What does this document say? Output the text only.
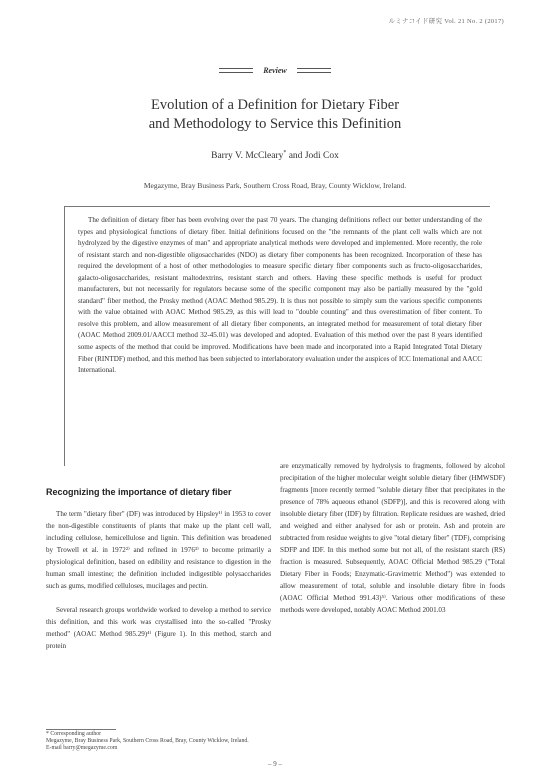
ルミナコイド研究 Vol. 21 No. 2 (2017)
Review
Evolution of a Definition for Dietary Fiber
and Methodology to Service this Definition
Barry V. McCleary* and Jodi Cox
Megazyme, Bray Business Park, Southern Cross Road, Bray, County Wicklow, Ireland.
The definition of dietary fiber has been evolving over the past 70 years. The changing definitions reflect our better understanding of the types and physiological functions of dietary fiber. Initial definitions focused on the "the remnants of the plant cell walls which are not hydrolyzed by the digestive enzymes of man" and appropriate analytical methods were developed and implemented. More recently, the role of resistant starch and non-digestible oligosaccharides (NDO) as dietary fiber components has been recognized. Incorporation of these has required the development of a host of other methodologies to measure specific dietary fiber components such as fructo-oligosaccharides, galacto-oligosaccharides, resistant maltodextrins, resistant starch and others. Having these specific methods is useful for product manufacturers, but not necessarily for regulators because some of the specific component may also be partially measured by the "gold standard" fiber method, the Prosky method (AOAC Method 985.29). It is thus not possible to simply sum the various specific components with the value obtained with AOAC Method 985.29, as this will lead to "double counting" and thus overestimation of fiber content. To resolve this problem, and allow measurement of all dietary fiber components, an integrated method for measurement of total dietary fiber (AOAC Method 2009.01/AACCI method 32-45.01) was developed and adopted. Evaluation of this method over the past 8 years identified some aspects of the method that could be improved. Modifications have been made and incorporated into a Rapid Integrated Total Dietary Fiber (RINTDF) method, and this method has been subjected to interlaboratory evaluation under the auspices of ICC International and AACC International.
Recognizing the importance of dietary fiber

The term "dietary fiber" (DF) was introduced by Hipsley¹⁾ in 1953 to cover the non-digestible constituents of plants that make up the plant cell wall, including cellulose, hemicellulose and lignin. This definition was broadened by Trowell et al. in 1972²⁾ and refined in 1976³⁾ to become primarily a physiological definition, based on edibility and resistance to digestion in the human small intestine; the definition included indigestible polysaccharides such as gums, modified celluloses, mucilages and pectin.

Several research groups worldwide worked to develop a method to service this definition, and this work was crystallised into the so-called "Prosky method" (AOAC Method 985.29)⁴⁾ (Figure 1). In this method, starch and protein

are enzymatically removed by hydrolysis to fragments, followed by alcohol precipitation of the higher molecular weight soluble dietary fiber (HMWSDF) fragments [more recently termed "soluble dietary fiber that precipitates in the presence of 78% aqueous ethanol (SDFP)], and this is recovered along with insoluble dietary fiber (IDF) by filtration. Replicate residues are washed, dried and weighed and either analysed for ash or protein. Ash and protein are subtracted from residue weights to give "total dietary fiber" (TDF), comprising SDFP and IDF. In this method some but not all, of the resistant starch (RS) fraction is measured. Subsequently, AOAC Official Method 985.29 ("Total Dietary Fiber in Foods; Enzymatic-Gravimetric Method") was extended to allow measurement of total, soluble and insoluble dietary fibre in foods (AOAC Official Method 991.43)⁵⁾. Various other modifications of these methods were developed, notably AOAC Method 2001.03

* Corresponding author
Megazyme, Bray Business Park, Southern Cross Road, Bray, County Wicklow, Ireland.
E-mail barry@megazyme.com
– 9 –
